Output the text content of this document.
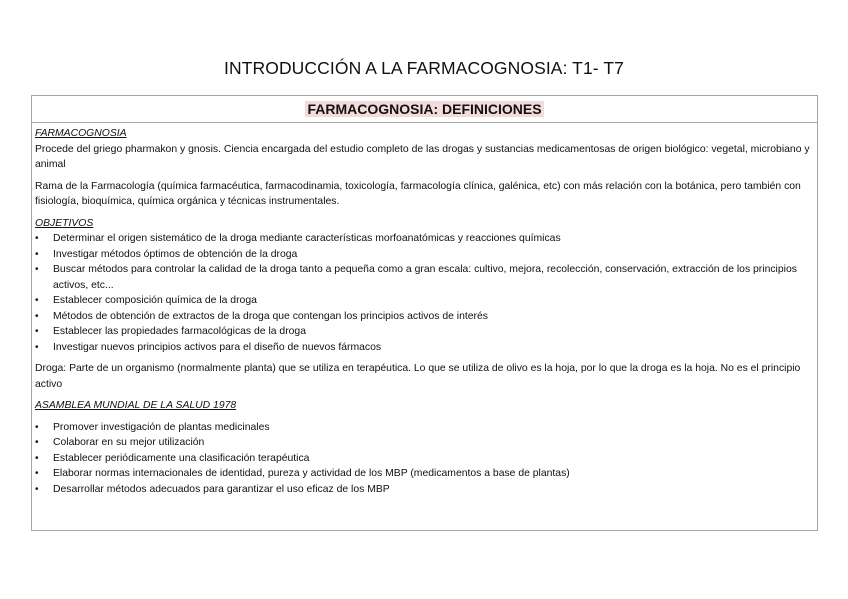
INTRODUCCIÓN A LA FARMACOGNOSIA: T1- T7
FARMACOGNOSIA: DEFINICIONES

FARMACOGNOSIA

Procede del griego pharmakon y gnosis. Ciencia encargada del estudio completo de las drogas y sustancias medicamentosas de origen biológico: vegetal, microbiano y animal

Rama de la Farmacología (química farmacéutica, farmacodinamia, toxicología, farmacología clínica, galénica, etc) con más relación con la botánica, pero también con fisiología, bioquímica, química orgánica y técnicas instrumentales.

OBJETIVOS

• Determinar el origen sistemático de la droga mediante características morfoanatómicas y reacciones químicas
• Investigar métodos óptimos de obtención de la droga
• Buscar métodos para controlar la calidad de la droga tanto a pequeña como a gran escala: cultivo, mejora, recolección, conservación, extracción de los principios activos, etc...
• Establecer composición química de la droga
• Métodos de obtención de extractos de la droga que contengan los principios activos de interés
• Establecer las propiedades farmacológicas de la droga
• Investigar nuevos principios activos para el diseño de nuevos fármacos

Droga: Parte de un organismo (normalmente planta) que se utiliza en terapéutica. Lo que se utiliza de olivo es la hoja, por lo que la droga es la hoja. No es el principio activo

ASAMBLEA MUNDIAL DE LA SALUD 1978

• Promover investigación de plantas medicinales
• Colaborar en su mejor utilización
• Establecer periódicamente una clasificación terapéutica
• Elaborar normas internacionales de identidad, pureza y actividad de los MBP (medicamentos a base de plantas)
• Desarrollar métodos adecuados para garantizar el uso eficaz de los MBP
